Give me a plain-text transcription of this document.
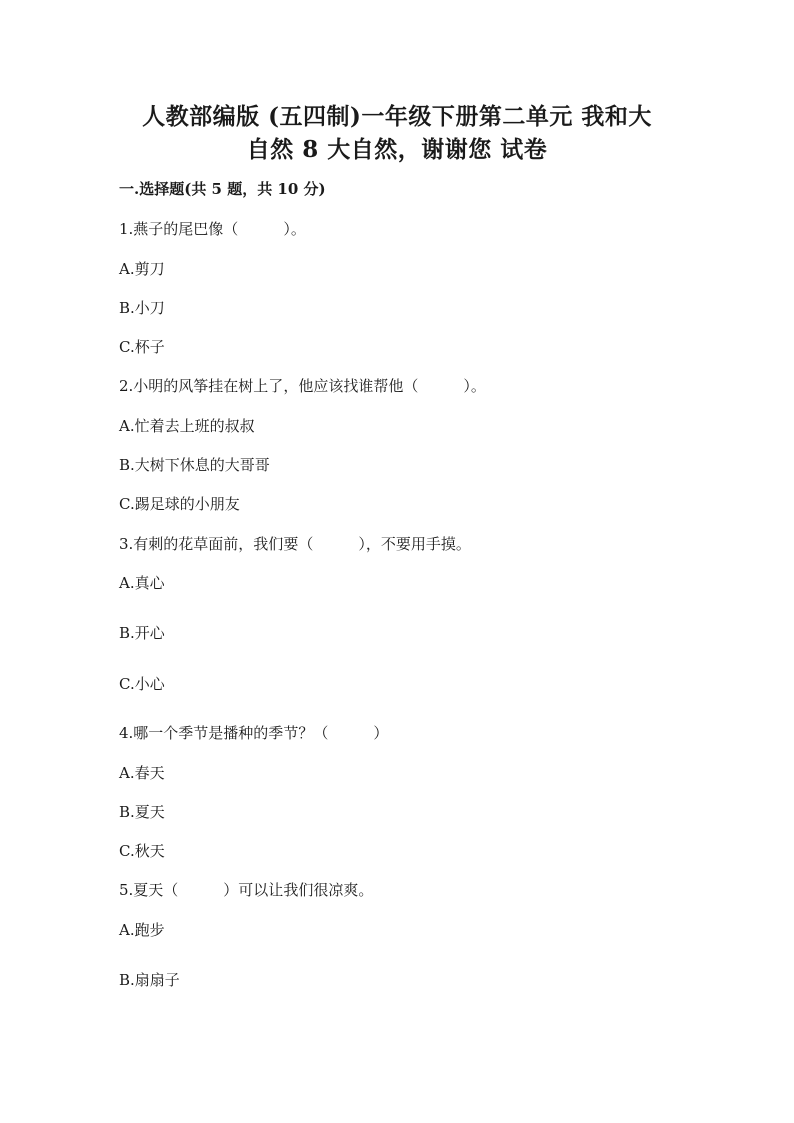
人教部编版 (五四制)一年级下册第二单元 我和大
自然 8 大自然，谢谢您 试卷
一.选择题(共 5 题，共 10 分)
1.燕子的尾巴像（　　　）。
A.剪刀
B.小刀
C.杯子
2.小明的风筝挂在树上了，他应该找谁帮他（　　　）。
A.忙着去上班的叔叔
B.大树下休息的大哥哥
C.踢足球的小朋友
3.有刺的花草面前，我们要（　　　），不要用手摸。
A.真心
B.开心
C.小心
4.哪一个季节是播种的季节？（　　　）
A.春天
B.夏天
C.秋天
5.夏天（　　　）可以让我们很凉爽。
A.跑步
B.扇扇子
